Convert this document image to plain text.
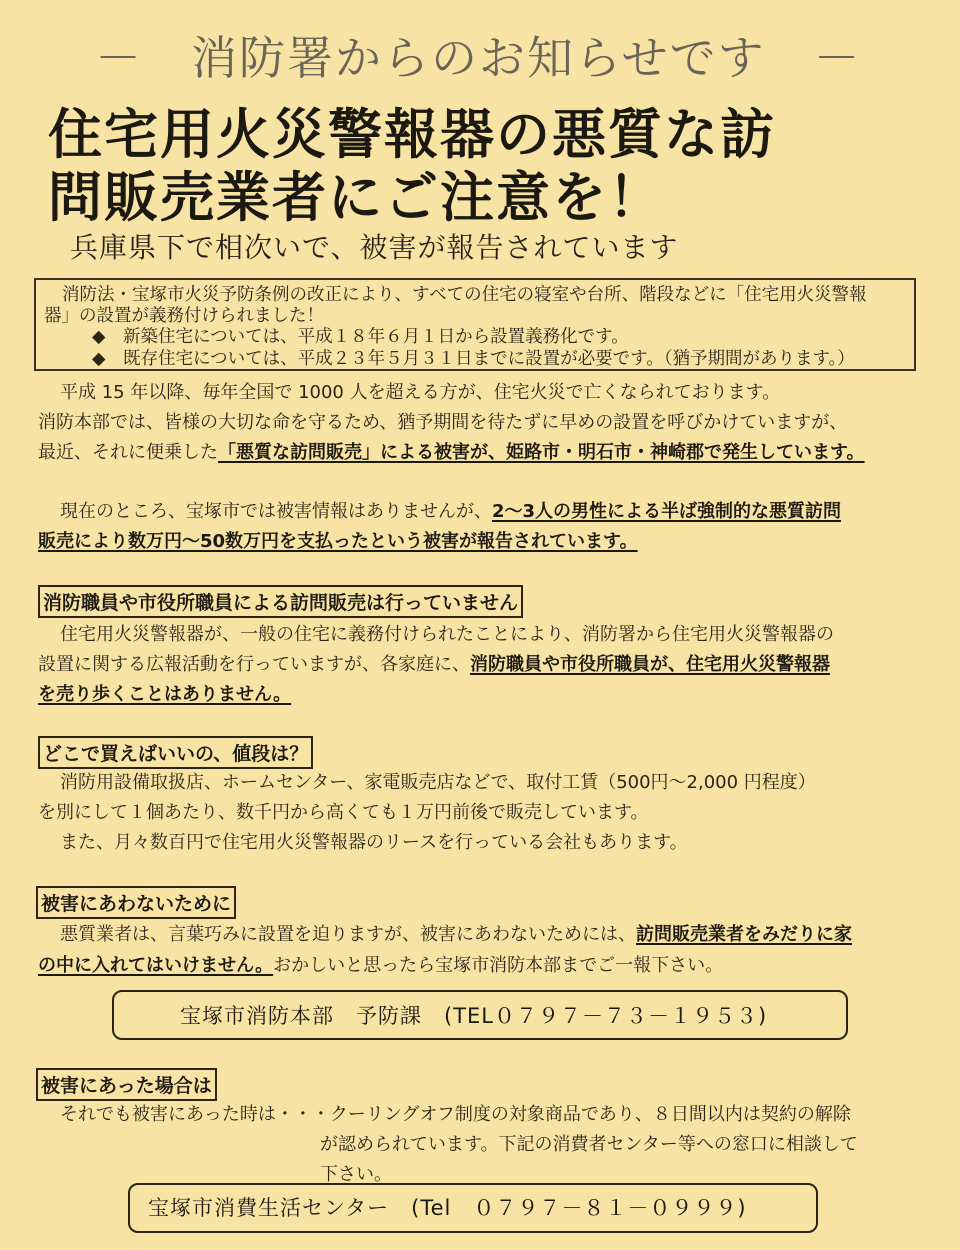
－　消防署からのお知らせです　－
住宅用火災警報器の悪質な訪
問販売業者にご注意を！
兵庫県下で相次いで、被害が報告されています
消防法・宝塚市火災予防条例の改正により、すべての住宅の寝室や台所、階段などに「住宅用火災警報
器」の設置が義務付けられました！
◆　新築住宅については、平成１８年６月１日から設置義務化です。
◆　既存住宅については、平成２３年５月３１日までに設置が必要です。（猶予期間があります。）
平成 15 年以降、毎年全国で 1000 人を超える方が、住宅火災で亡くなられております。
消防本部では、皆様の大切な命を守るため、猶予期間を待たずに早めの設置を呼びかけていますが、
最近、それに便乗した「悪質な訪問販売」による被害が、姫路市・明石市・神崎郡で発生しています。
現在のところ、宝塚市では被害情報はありませんが、2～3人の男性による半ば強制的な悪質訪問
販売により数万円～50数万円を支払ったという被害が報告されています。
消防職員や市役所職員による訪問販売は行っていません
住宅用火災警報器が、一般の住宅に義務付けられたことにより、消防署から住宅用火災警報器の
設置に関する広報活動を行っていますが、各家庭に、消防職員や市役所職員が、住宅用火災警報器
を売り歩くことはありません。
どこで買えばいいの、値段は？
消防用設備取扱店、ホームセンター、家電販売店などで、取付工賃（500円～2,000 円程度）
を別にして１個あたり、数千円から高くても１万円前後で販売しています。
また、月々数百円で住宅用火災警報器のリースを行っている会社もあります。
被害にあわないために
悪質業者は、言葉巧みに設置を迫りますが、被害にあわないためには、訪問販売業者をみだりに家
の中に入れてはいけません。おかしいと思ったら宝塚市消防本部までご一報下さい。
宝塚市消防本部　予防課　(TEL０７９７－７３－１９５３)
被害にあった場合は
それでも被害にあった時は・・・クーリングオフ制度の対象商品であり、８日間以内は契約の解除
が認められています。下記の消費者センター等への窓口に相談して
下さい。
宝塚市消費生活センター　(Tel　０７９７－８１－０９９９)
